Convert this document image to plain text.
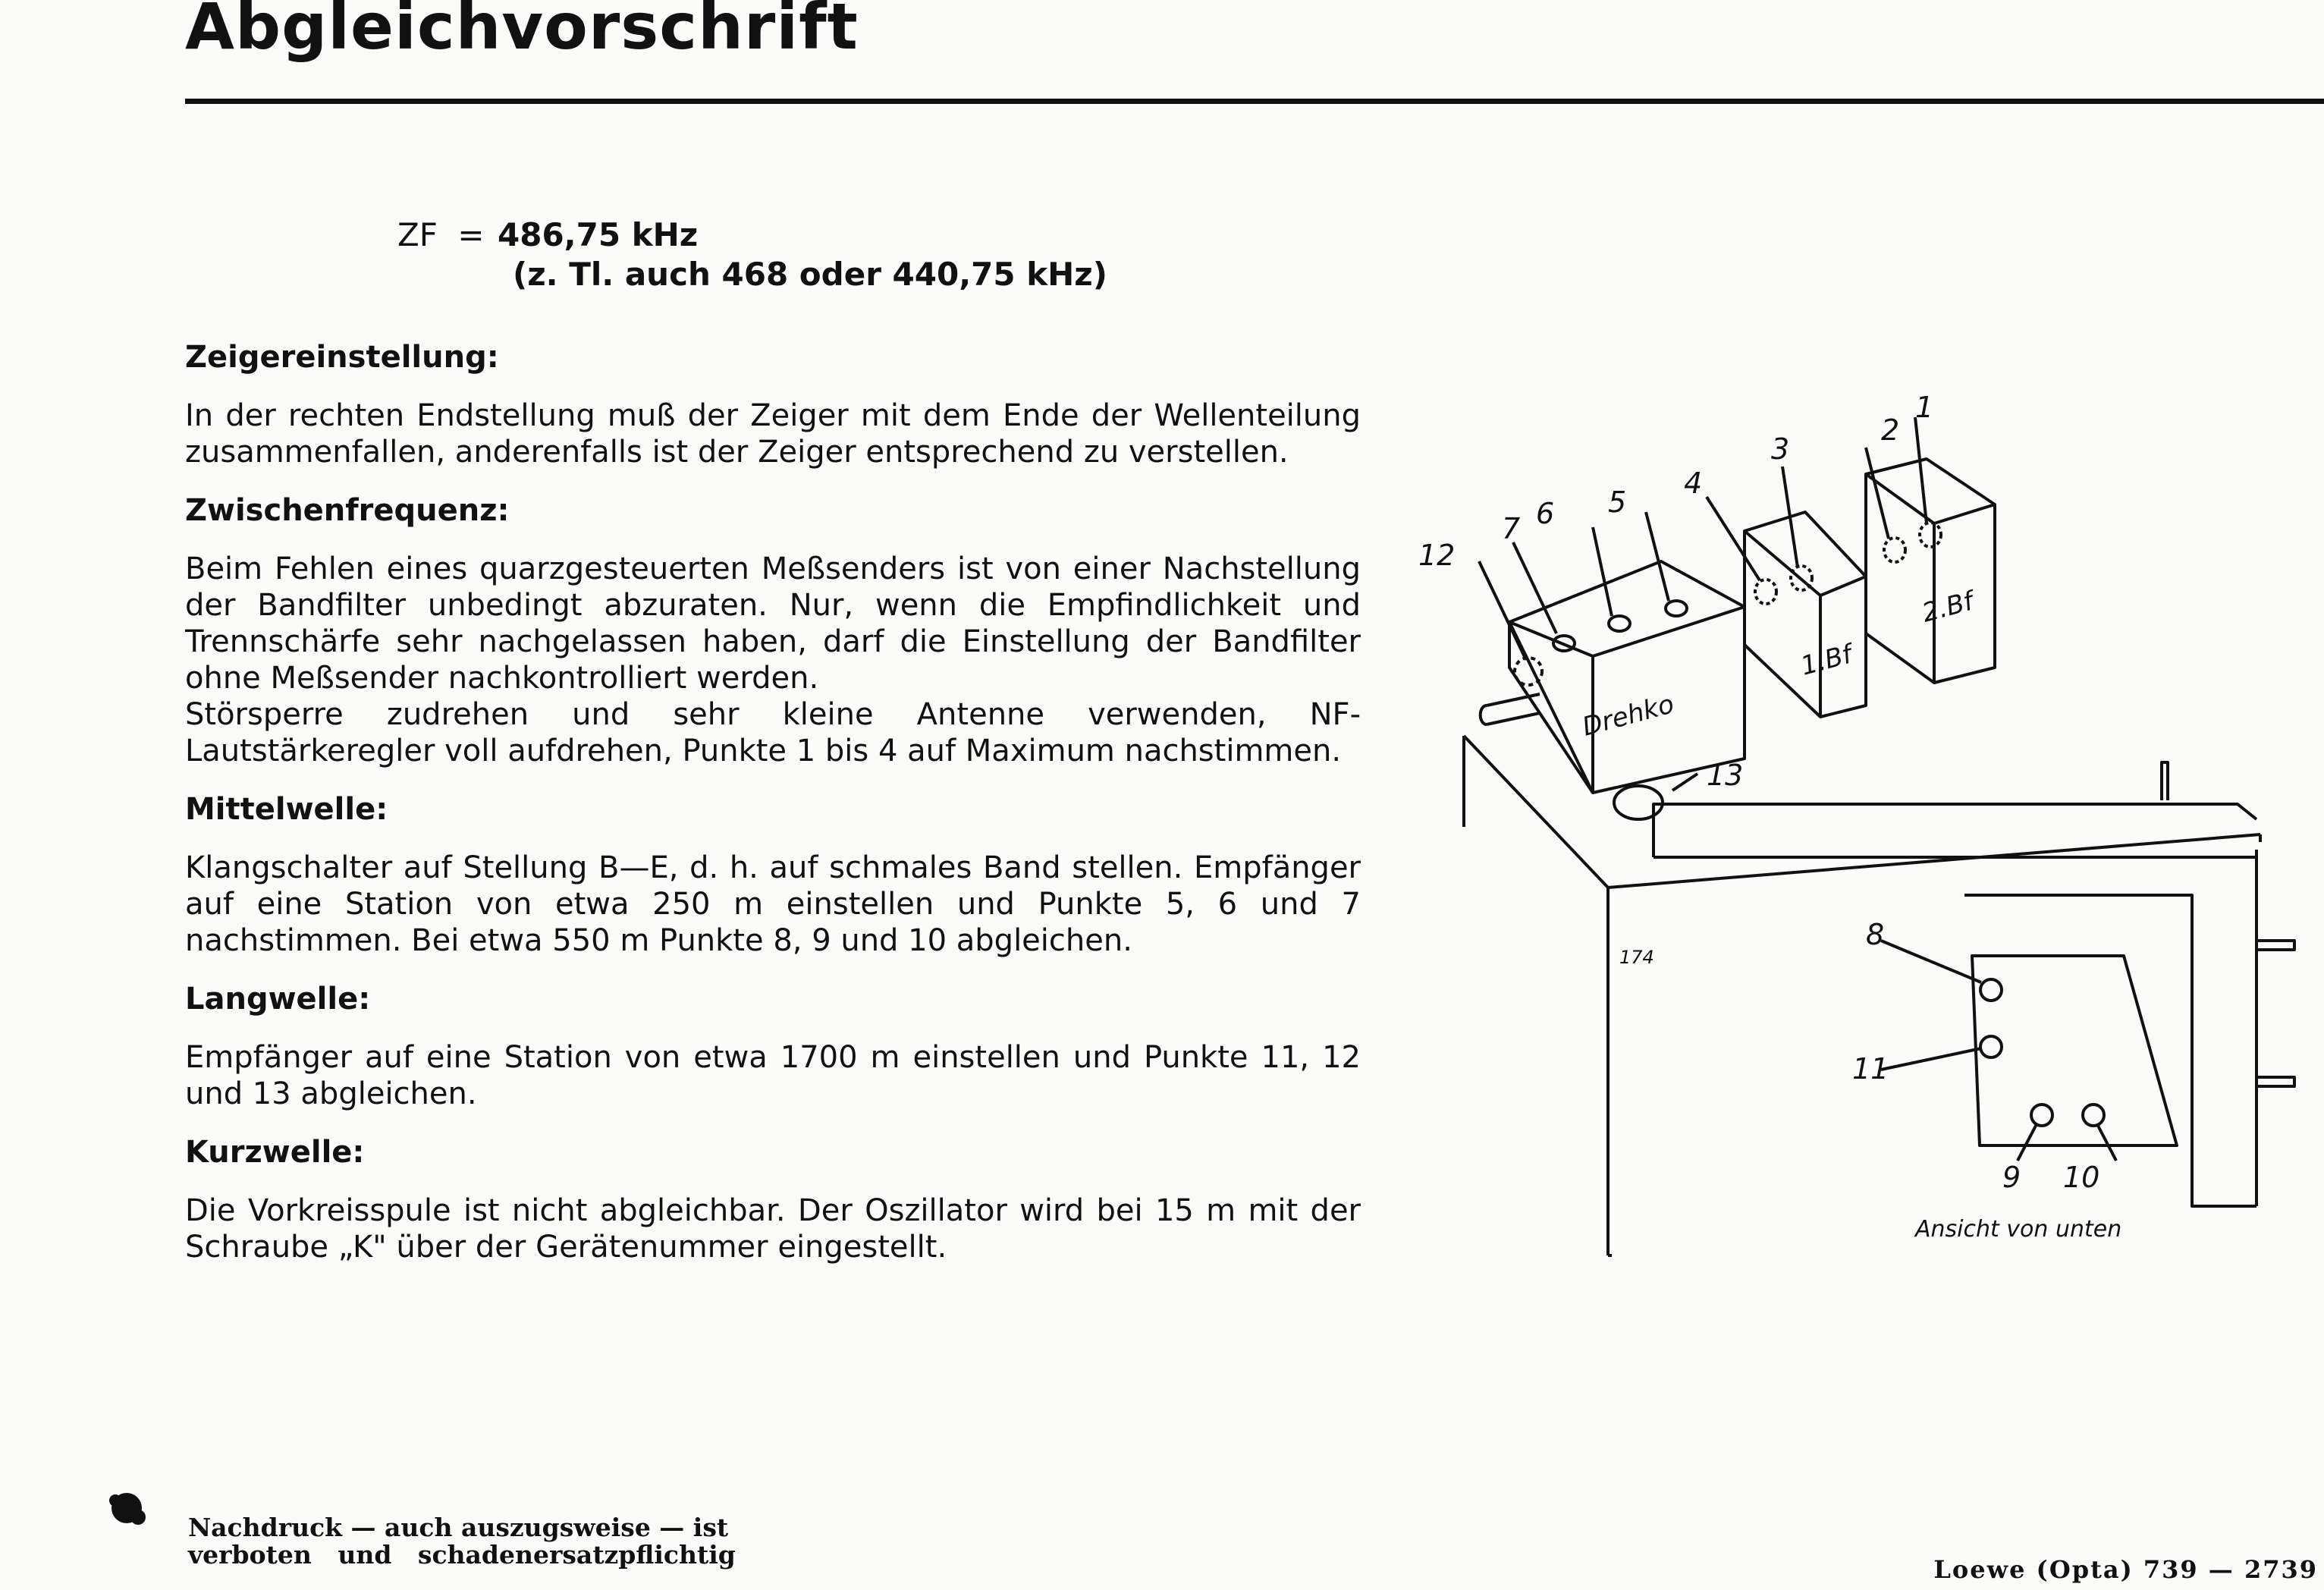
Abgleichvorschrift
ZF = 486,75 kHz
(z. Tl. auch 468 oder 440,75 kHz)
Zeigereinstellung:

In der rechten Endstellung muß der Zeiger mit dem Ende der Wellenteilung zusammenfallen, anderenfalls ist der Zeiger entsprechend zu verstellen.

Zwischenfrequenz:

Beim Fehlen eines quarzgesteuerten Meßsenders ist von einer Nachstellung der Bandfilter unbedingt abzuraten. Nur, wenn die Empfindlichkeit und Trennschärfe sehr nachgelassen haben, darf die Einstellung der Bandfilter ohne Meßsender nachkontrolliert werden.

Störsperre zudrehen und sehr kleine Antenne verwenden, NF-Lautstärkeregler voll aufdrehen, Punkte 1 bis 4 auf Maximum nachstimmen.

Mittelwelle:

Klangschalter auf Stellung B—E, d. h. auf schmales Band stellen. Empfänger auf eine Station von etwa 250 m einstellen und Punkte 5, 6 und 7 nachstimmen. Bei etwa 550 m Punkte 8, 9 und 10 abgleichen.

Langwelle:

Empfänger auf eine Station von etwa 1700 m einstellen und Punkte 11, 12 und 13 abgleichen.

Kurzwelle:

Die Vorkreisspule ist nicht abgleichbar. Der Oszillator wird bei 15 m mit der Schraube „K" über der Gerätenummer eingestellt.

1
2
3
4
5
6
7
8
9 10
11
12
13
Drehko
1.Bf
2.Bf
174
Ansicht von unten
Nachdruck — auch auszugsweise — ist
verboten   und   schadenersatzpflichtig	Loewe (Opta) 739 — 2739
